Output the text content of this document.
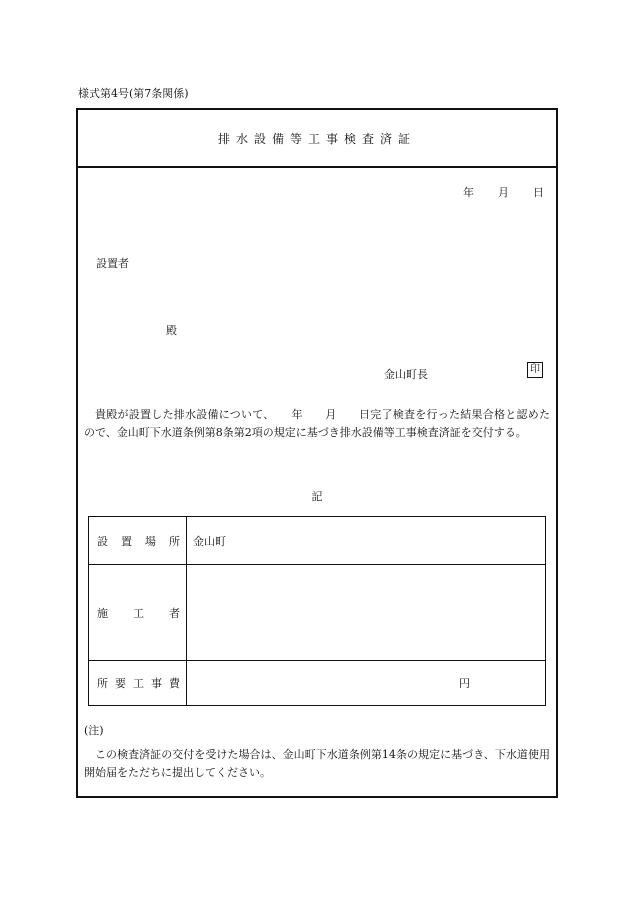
様式第4号(第7条関係)
排水設備等工事検査済証
年 月 日
設置者
殿
金山町長	印
貴殿が設置した排水設備について、　　年　　月　　日完了検査を行った結果合格と認めたので、金山町下水道条例第8条第2項の規定に基づき排水設備等工事検査済証を交付する。
記
設置場所	金山町
施工者
所要工事費	円
(注)
この検査済証の交付を受けた場合は、金山町下水道条例第14条の規定に基づき、下水道使用開始届をただちに提出してください。
